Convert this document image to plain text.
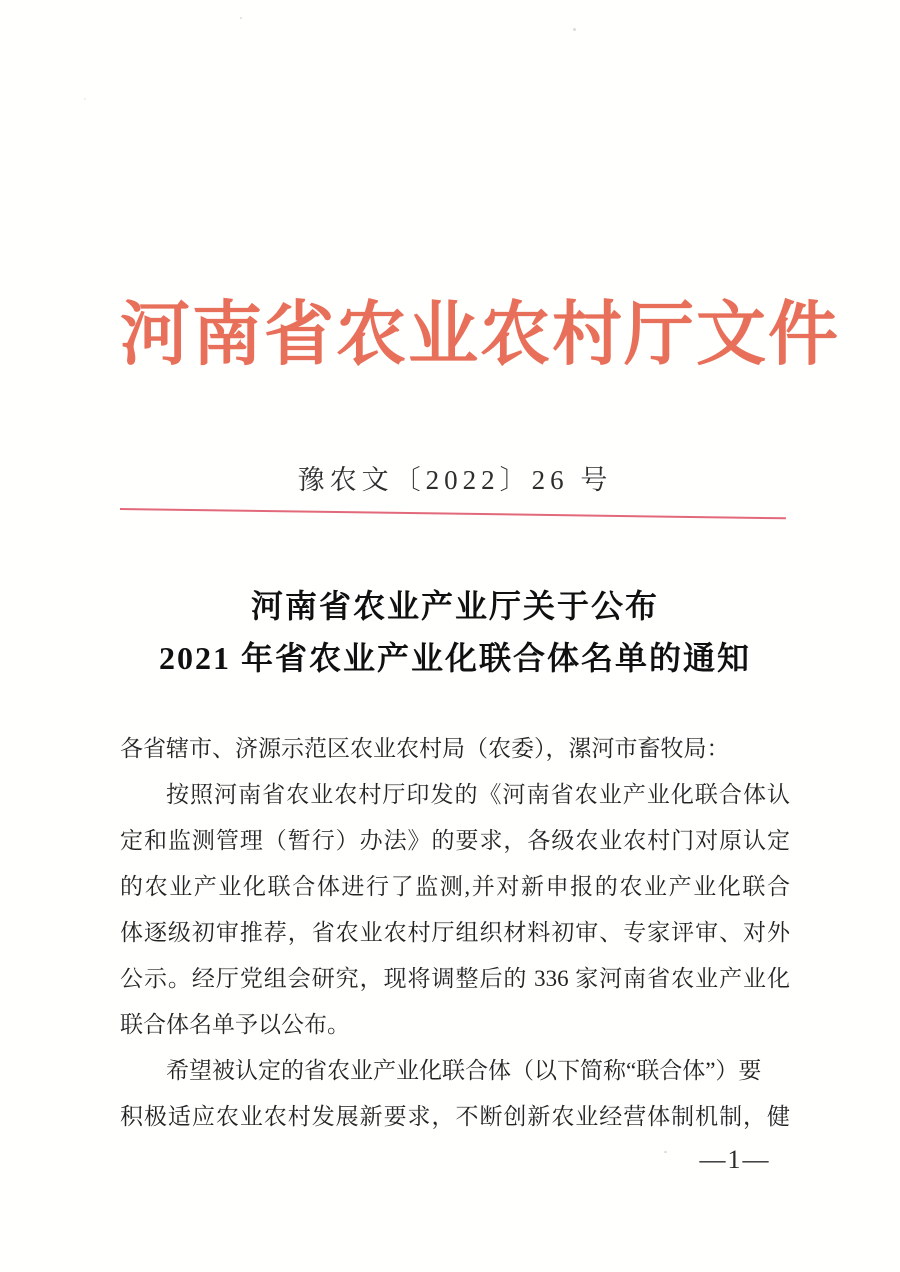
河南省农业农村厅文件
豫农文〔2022〕26 号
河南省农业产业厅关于公布
2021 年省农业产业化联合体名单的通知
各省辖市、济源示范区农业农村局（农委），漯河市畜牧局：
按照河南省农业农村厅印发的《河南省农业产业化联合体认
定和监测管理（暂行）办法》的要求，各级农业农村门对原认定
的农业产业化联合体进行了监测,并对新申报的农业产业化联合
体逐级初审推荐，省农业农村厅组织材料初审、专家评审、对外
公示。经厅党组会研究，现将调整后的 336 家河南省农业产业化
联合体名单予以公布。
希望被认定的省农业产业化联合体（以下简称“联合体”）要
积极适应农业农村发展新要求，不断创新农业经营体制机制，健
—1—
